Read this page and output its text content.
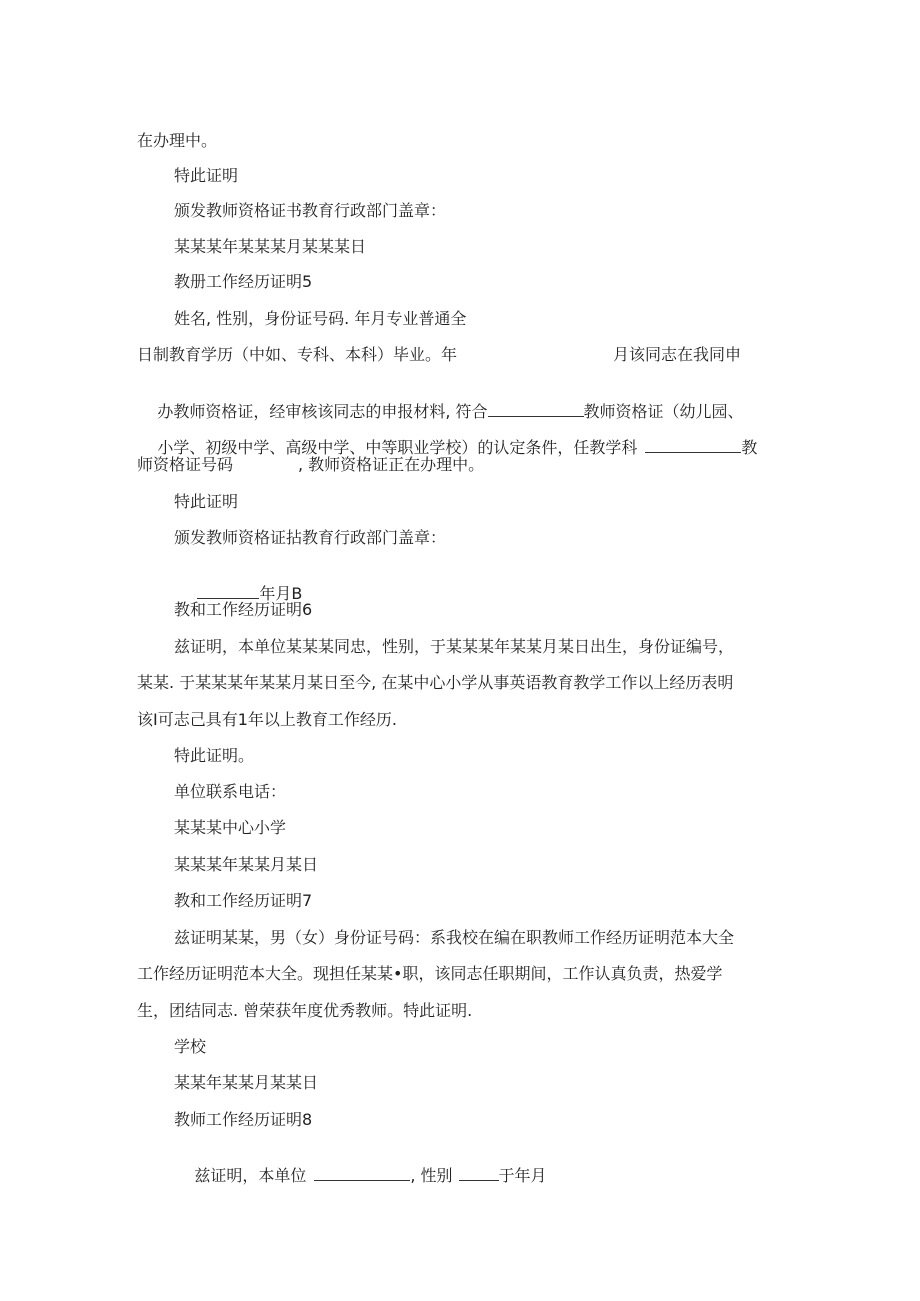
在办理中。

特此证明

颁发教师资格证书教育行政部门盖章：

某某某年某某某月某某某日

教册工作经历证明5

姓名, 性别，身份证号码. 年月专业普通全

日制教育学历（中如、专科、本科）毕业。年	月该同志在我同申

办教师资格证，经审核该同志的申报材料, 符合	教师资格证（幼儿园、

小学、初级中学、高级中学、中等职业学校）的认定条件，任教学科	教

师资格证号码	, 教师资格证正在办理中。

特此证明

颁发教师资格证拈教育行政部门盖章：

年月B

教和工作经历证明6

兹证明，本单位某某某同忠，性别，于某某某年某某月某日出生，身份证编号，

某某. 于某某某年某某月某日至今, 在某中心小学从事英语教育教学工作以上经历表明

该I可志己具有1年以上教育工作经历.

特此证明。

单位联系电话：

某某某中心小学

某某某年某某月某日

教和工作经历证明7

兹证明某某，男（女）身份证号码：系我校在编在职教师工作经历证明范本大全

工作经历证明范本大全。现担任某某•职，该同志任职期间，工作认真负责，热爱学

生，团结同志. 曾荣获年度优秀教师。特此证明.

学校

某某年某某月某某日

教师工作经历证明8

兹证明，本单位	, 性别	于年月
